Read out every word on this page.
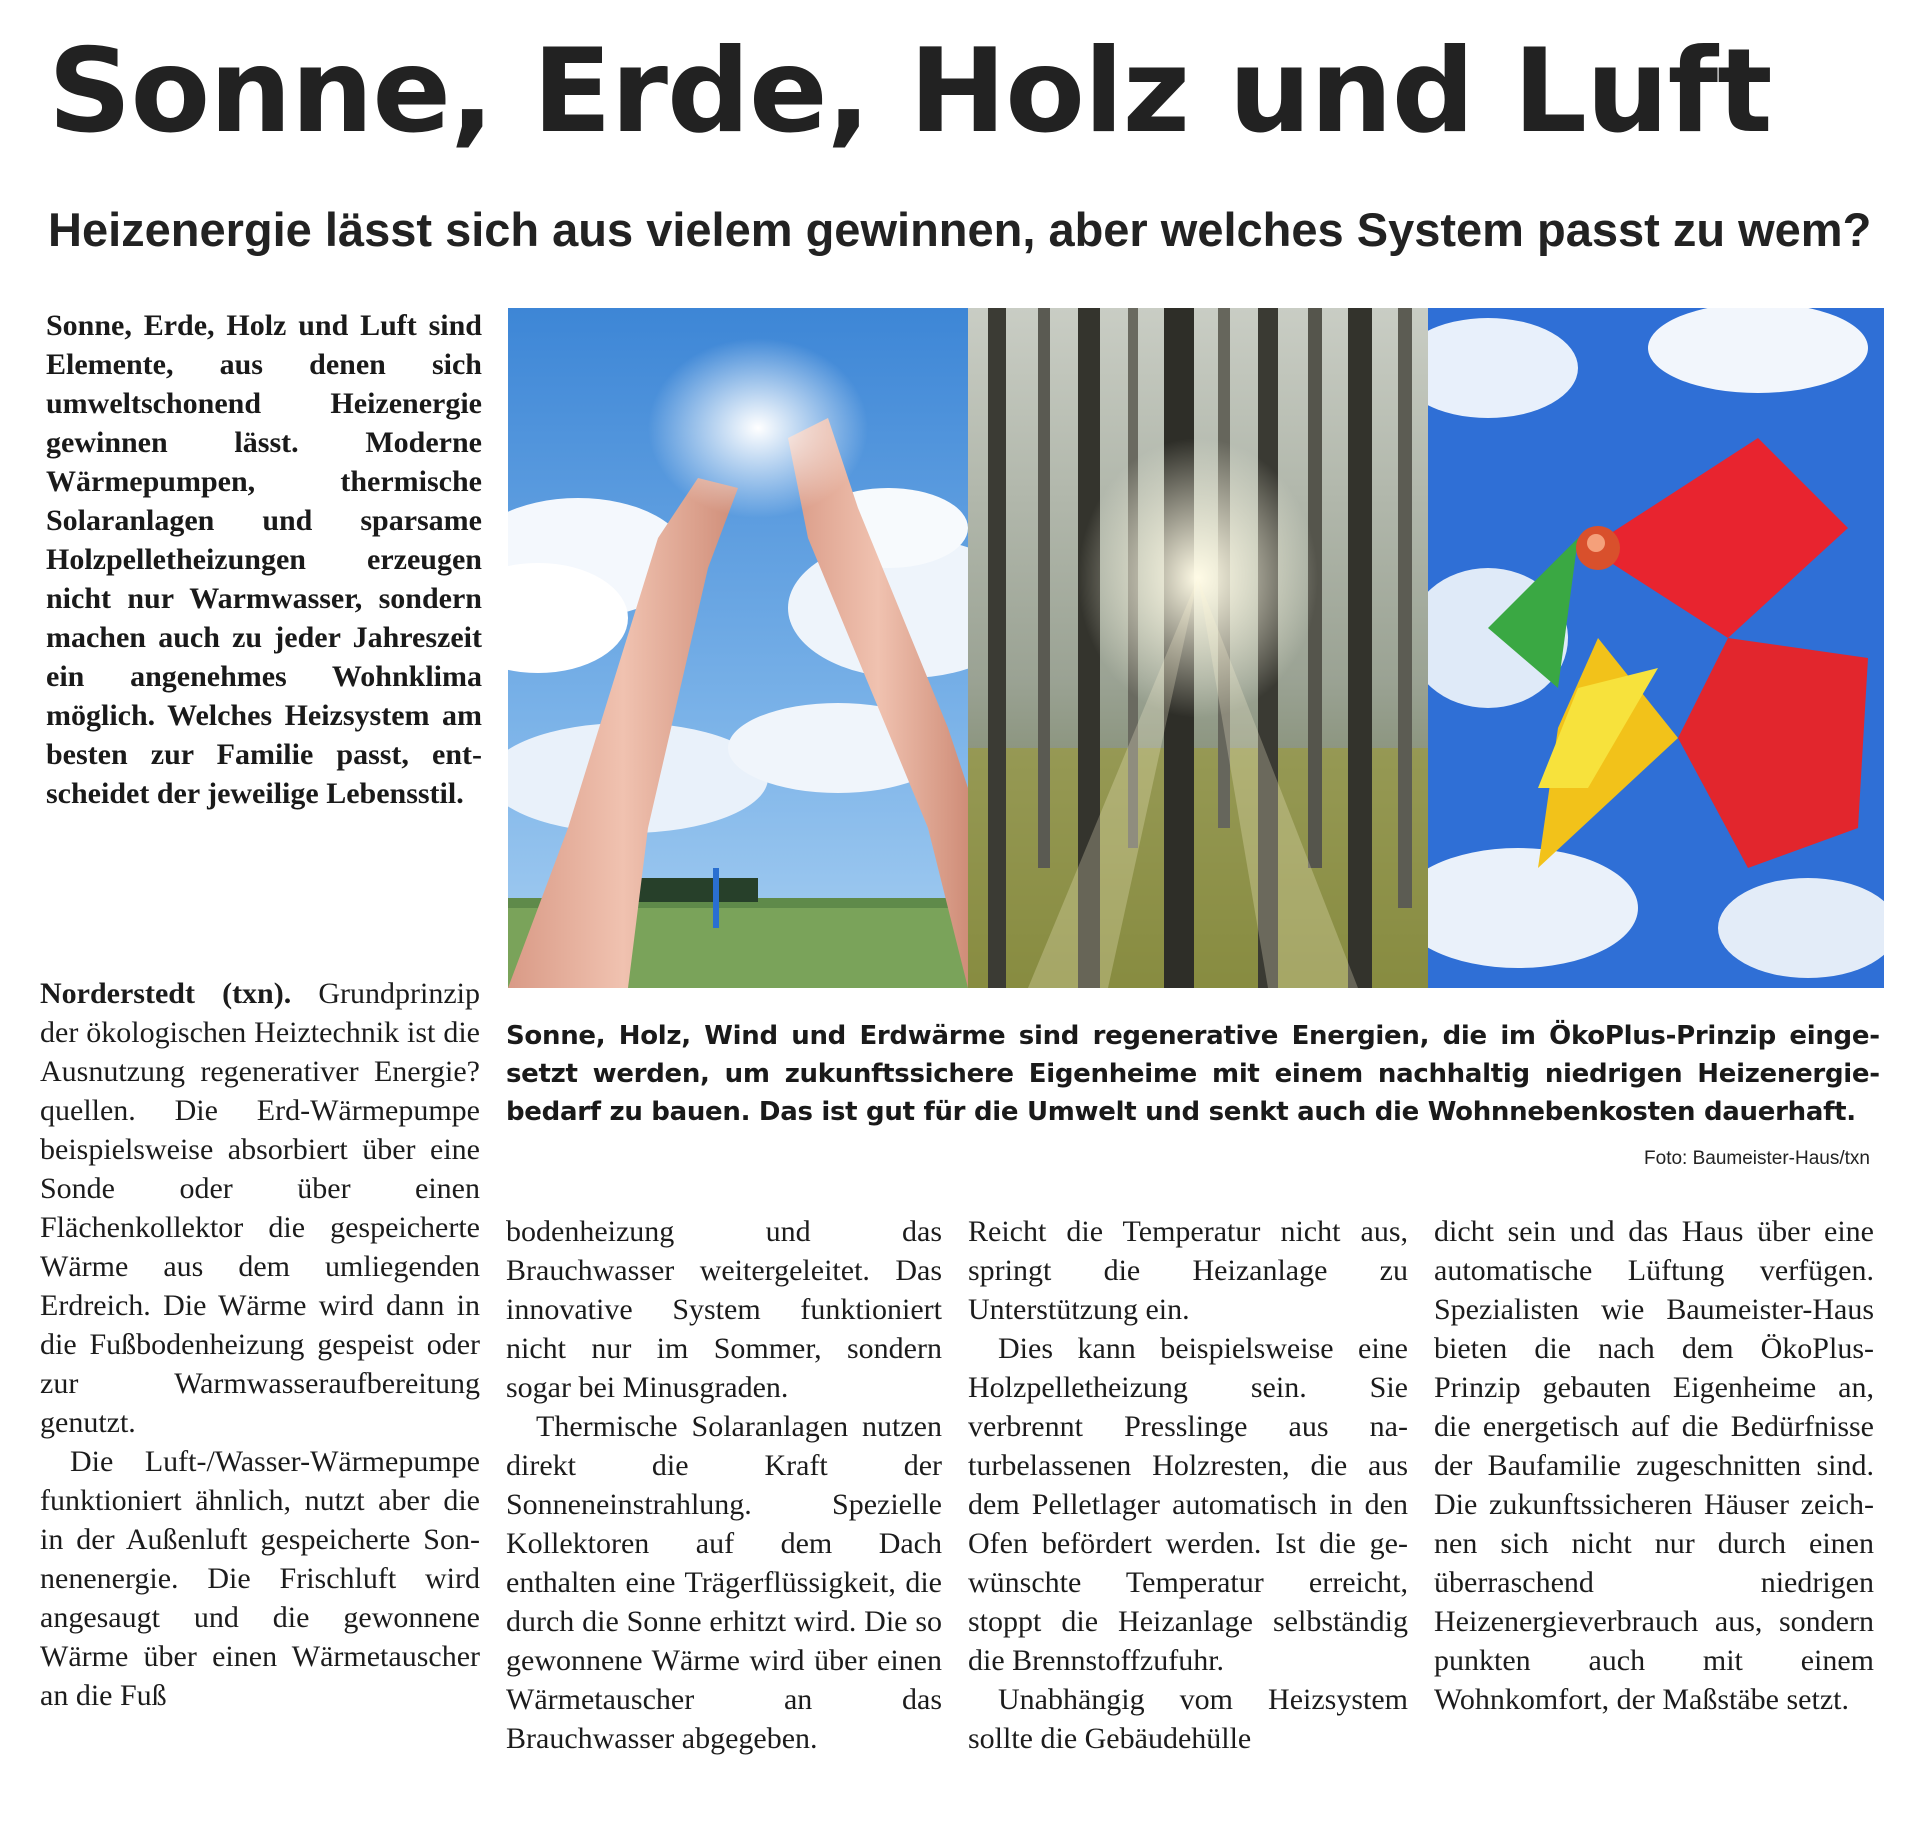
Sonne, Erde, Holz und Luft
Heizenergie lässt sich aus vielem gewinnen, aber welches System passt zu wem?

Sonne, Erde, Holz und Luft sind Elemente, aus denen sich umweltschonend Heizenergie gewinnen lässt. Moderne Wärmepumpen, thermische Solaranlagen und sparsame Holzpelletheizungen erzeugen nicht nur Warmwasser, sondern machen auch zu jeder Jahreszeit ein angenehmes Wohnklima möglich. Welches Heizsystem am besten zur Familie passt, entscheidet der jeweilige Lebensstil.

Sonne, Holz, Wind und Erdwärme sind regenerative Energien, die im ÖkoPlus-Prinzip eingesetzt werden, um zukunftssichere Eigenheime mit einem nachhaltig niedrigen Heizenergiebedarf zu bauen. Das ist gut für die Umwelt und senkt auch die Wohnnebenkosten dauerhaft.

Foto: Baumeister-Haus/txn

Norderstedt (txn). Grundprinzip der ökologischen Heiztechnik ist die Ausnutzung regenerativer Energie?quellen. Die Erd-Wärmepumpe beispielsweise absorbiert über eine Sonde oder über einen Flächenkollektor die gespeicherte Wärme aus dem umliegenden Erdreich. Die Wärme wird dann in die Fußbodenheizung gespeist oder zur Warmwasseraufbereitung genutzt.

Die Luft-/Wasser-Wärmepumpe funktioniert ähnlich, nutzt aber die in der Außenluft gespeicherte Sonnenenergie. Die Frischluft wird angesaugt und die gewonnene Wärme über einen Wärmetauscher an die Fuß

bodenheizung und das Brauchwasser weitergeleitet. Das innovative System funktioniert nicht nur im Sommer, sondern sogar bei Minusgraden.

Thermische Solaranlagen nutzen direkt die Kraft der Sonneneinstrahlung. Spezielle Kollektoren auf dem Dach enthalten eine Trägerflüssigkeit, die durch die Sonne erhitzt wird. Die so gewonnene Wärme wird über einen Wärmetauscher an das Brauchwasser abgegeben.

Reicht die Temperatur nicht aus, springt die Heizanlage zu Unterstützung ein.

Dies kann beispielsweise eine Holzpelletheizung sein. Sie verbrennt Presslinge aus naturbelassenen Holzresten, die aus dem Pelletlager automatisch in den Ofen befördert werden. Ist die gewünschte Temperatur erreicht, stoppt die Heizanlage selbständig die Brennstoffzufuhr.

Unabhängig vom Heizsystem sollte die Gebäudehülle

dicht sein und das Haus über eine automatische Lüftung verfügen. Spezialisten wie Baumeister-Haus bieten die nach dem ÖkoPlus-Prinzip gebauten Eigenheime an, die energetisch auf die Bedürfnisse der Baufamilie zugeschnitten sind. Die zukunftssicheren Häuser zeichnen sich nicht nur durch einen überraschend niedrigen Heizenergieverbrauch aus, sondern punkten auch mit einem Wohnkomfort, der Maßstäbe setzt.
